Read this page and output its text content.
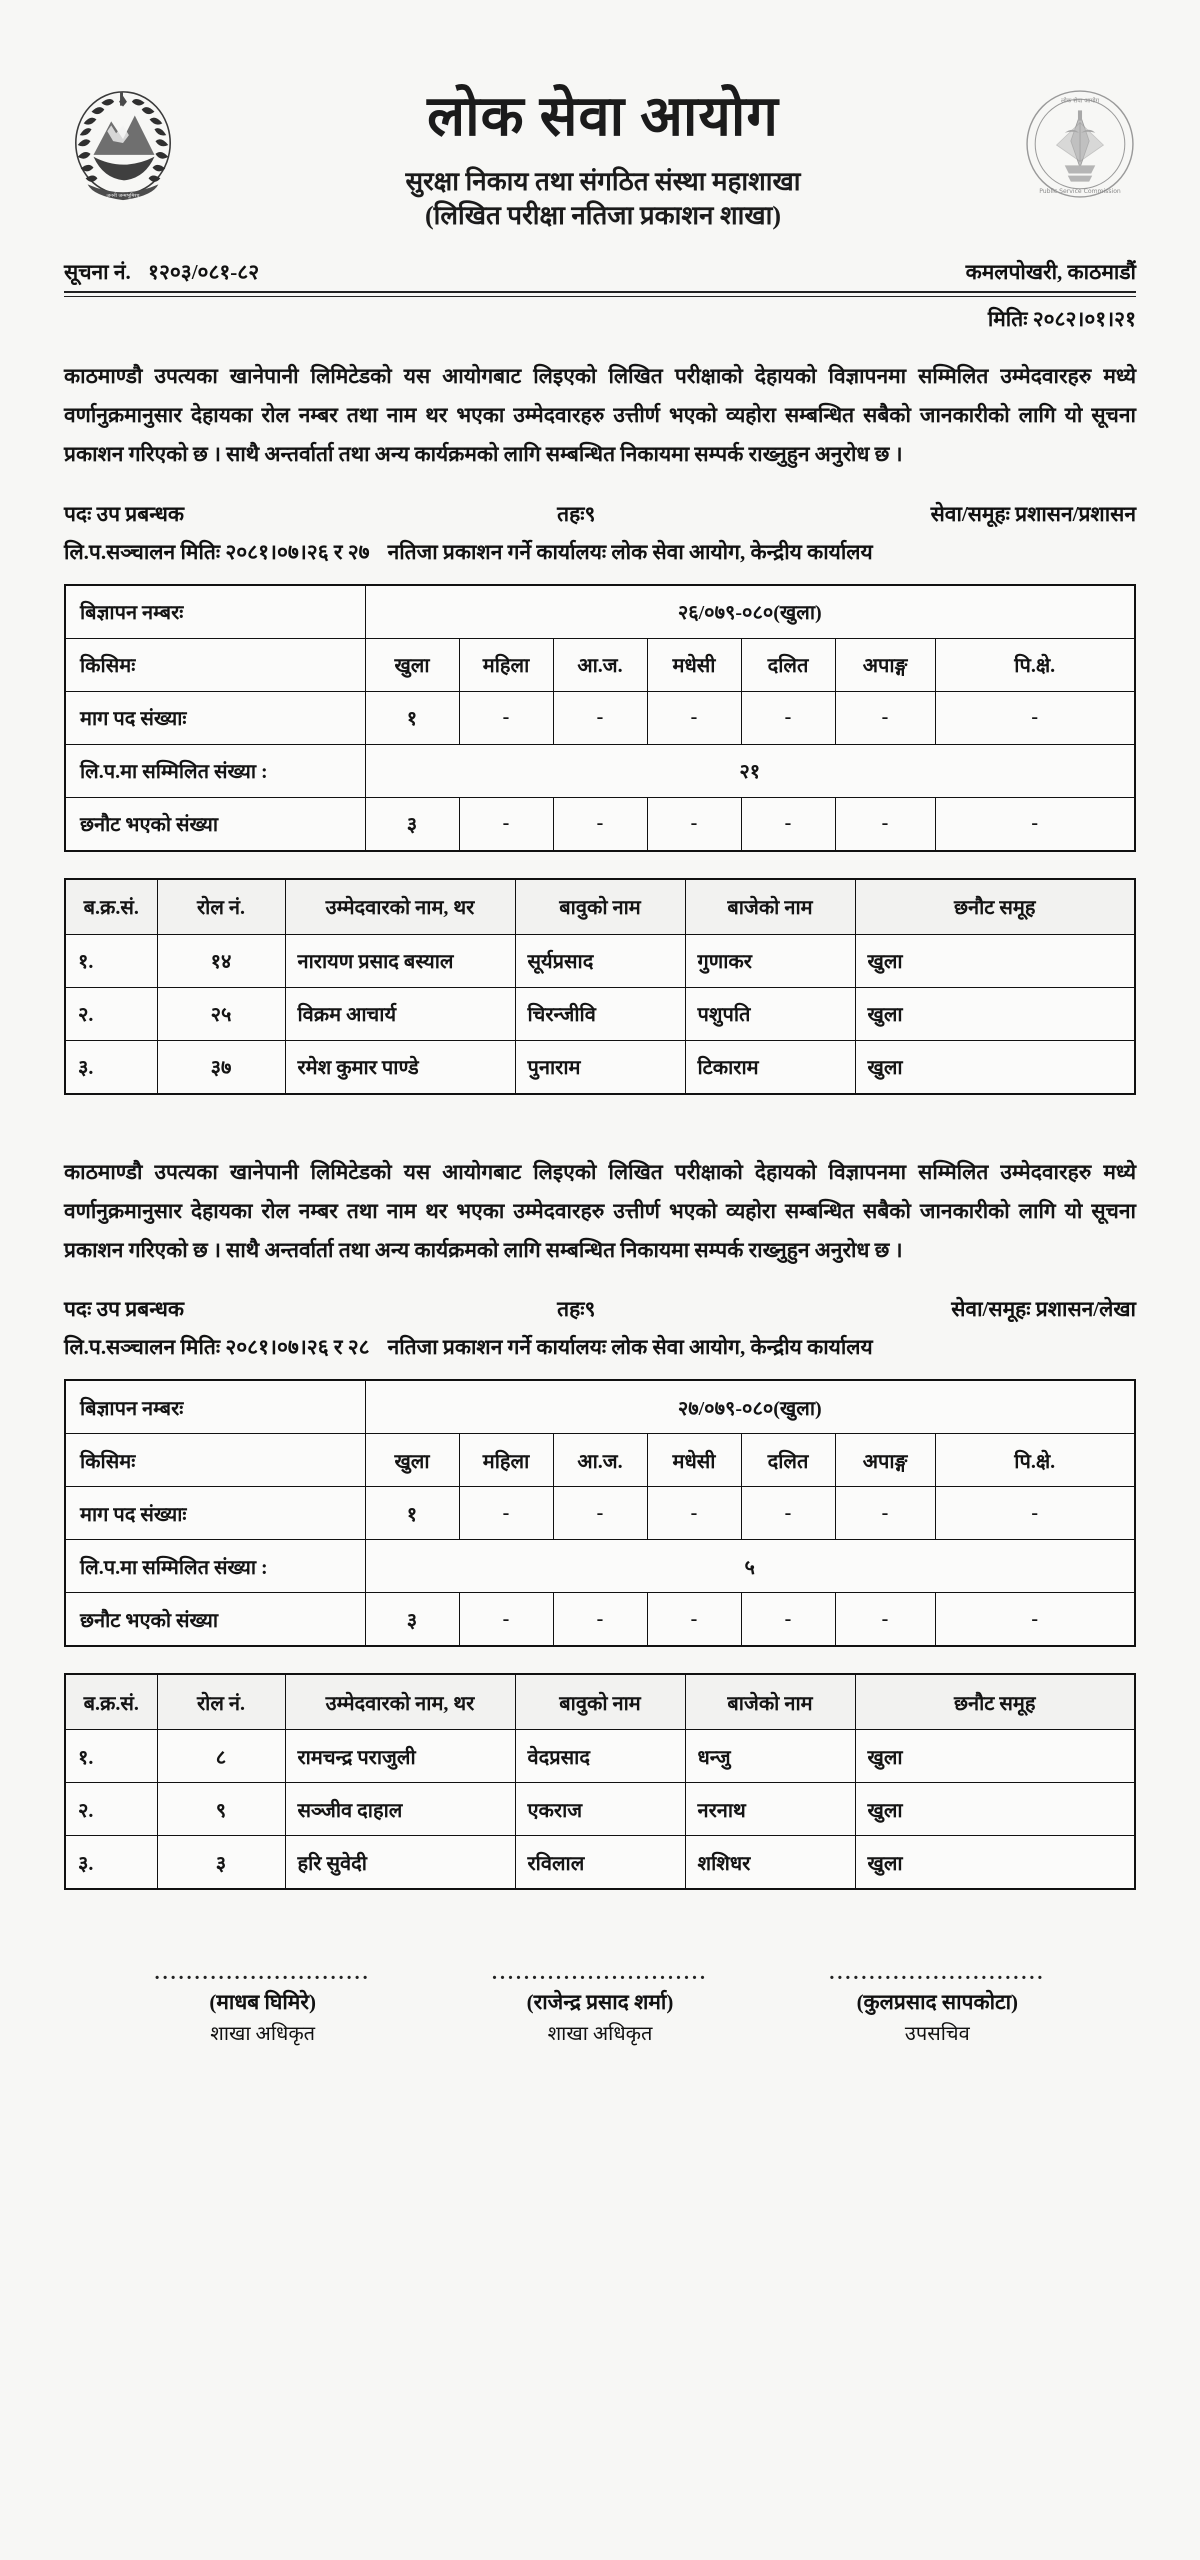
जननी जन्मभूमिश्च
लोक सेवा आयोग
सुरक्षा निकाय तथा संगठित संस्था महाशाखा
(लिखित परीक्षा नतिजा प्रकाशन शाखा)
लोक सेवा आयोग
Public Service Commission
सूचना नं. १२०३/०८१-८२	कमलपोखरी, काठमाडौं
मितिः २०८२।०१।२१
काठमाण्डौ उपत्यका खानेपानी लिमिटेडको यस आयोगबाट लिइएको लिखित परीक्षाको देहायको विज्ञापनमा सम्मिलित उम्मेदवारहरु मध्ये वर्णानुक्रमानुसार देहायका रोल नम्बर तथा नाम थर भएका उम्मेदवारहरु उत्तीर्ण भएको व्यहोरा सम्बन्धित सबैको जानकारीको लागि यो सूचना प्रकाशन गरिएको छ । साथै अन्तर्वार्ता तथा अन्य कार्यक्रमको लागि सम्बन्धित निकायमा सम्पर्क राख्नुहुन अनुरोध छ ।
पदः उप प्रबन्धक	तहः९	सेवा/समूहः प्रशासन/प्रशासन
लि.प.सञ्चालन मितिः २०८१।०७।२६ र २७ नतिजा प्रकाशन गर्ने कार्यालयः लोक सेवा आयोग, केन्द्रीय कार्यालय
बिज्ञापन नम्बरः	२६/०७९-०८०(खुला)						
किसिमः	खुला	महिला	आ.ज.	मधेसी	दलित	अपाङ्ग	पि.क्षे.
माग पद संख्याः	१	-	-	-	-	-	-
लि.प.मा सम्मिलित संख्या :	२१						
छनौट भएको संख्या	३	-	-	-	-	-	-
ब.क्र.सं.	रोल नं.	उम्मेदवारको नाम, थर	बावुको नाम	बाजेको नाम	छनौट समूह
१.	१४	नारायण प्रसाद बस्याल	सूर्यप्रसाद	गुणाकर	खुला
२.	२५	विक्रम आचार्य	चिरन्जीवि	पशुपति	खुला
३.	३७	रमेश कुमार पाण्डे	पुनाराम	टिकाराम	खुला
काठमाण्डौ उपत्यका खानेपानी लिमिटेडको यस आयोगबाट लिइएको लिखित परीक्षाको देहायको विज्ञापनमा सम्मिलित उम्मेदवारहरु मध्ये वर्णानुक्रमानुसार देहायका रोल नम्बर तथा नाम थर भएका उम्मेदवारहरु उत्तीर्ण भएको व्यहोरा सम्बन्धित सबैको जानकारीको लागि यो सूचना प्रकाशन गरिएको छ । साथै अन्तर्वार्ता तथा अन्य कार्यक्रमको लागि सम्बन्धित निकायमा सम्पर्क राख्नुहुन अनुरोध छ ।
पदः उप प्रबन्धक	तहः९	सेवा/समूहः प्रशासन/लेखा
लि.प.सञ्चालन मितिः २०८१।०७।२६ र २८ नतिजा प्रकाशन गर्ने कार्यालयः लोक सेवा आयोग, केन्द्रीय कार्यालय
बिज्ञापन नम्बरः	२७/०७९-०८०(खुला)						
किसिमः	खुला	महिला	आ.ज.	मधेसी	दलित	अपाङ्ग	पि.क्षे.
माग पद संख्याः	१	-	-	-	-	-	-
लि.प.मा सम्मिलित संख्या :	५						
छनौट भएको संख्या	३	-	-	-	-	-	-
ब.क्र.सं.	रोल नं.	उम्मेदवारको नाम, थर	बावुको नाम	बाजेको नाम	छनौट समूह
१.	८	रामचन्द्र पराजुली	वेदप्रसाद	धन्जु	खुला
२.	९	सञ्जीव दाहाल	एकराज	नरनाथ	खुला
३.	३	हरि सुवेदी	रविलाल	शशिधर	खुला
...........................
(माधब घिमिरे)
शाखा अधिकृत
...........................
(राजेन्द्र प्रसाद शर्मा)
शाखा अधिकृत
...........................
(कुलप्रसाद सापकोटा)
उपसचिव
